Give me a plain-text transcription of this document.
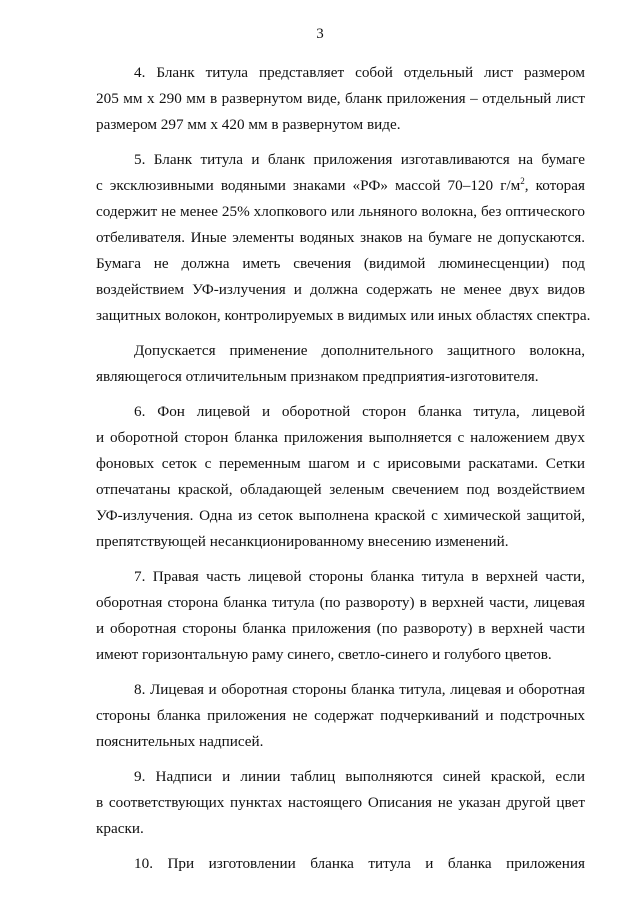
3
4. Бланк титула представляет собой отдельный лист размером
205 мм х 290 мм в развернутом виде, бланк приложения – отдельный лист
размером 297 мм х 420 мм в развернутом виде.
5. Бланк титула и бланк приложения изготавливаются на бумаге
с эксклюзивными водяными знаками «РФ» массой 70–120 $г/м^2$, которая
содержит не менее 25% хлопкового или льняного волокна, без оптического
отбеливателя. Иные элементы водяных знаков на бумаге не допускаются.
Бумага не должна иметь свечения (видимой люминесценции) под
воздействием УФ-излучения и должна содержать не менее двух видов
защитных волокон, контролируемых в видимых или иных областях спектра.
Допускается применение дополнительного защитного волокна,
являющегося отличительным признаком предприятия-изготовителя.
6. Фон лицевой и оборотной сторон бланка титула, лицевой
и оборотной сторон бланка приложения выполняется с наложением двух
фоновых сеток с переменным шагом и с ирисовыми раскатами. Сетки
отпечатаны краской, обладающей зеленым свечением под воздействием
УФ-излучения. Одна из сеток выполнена краской с химической защитой,
препятствующей несанкционированному внесению изменений.
7. Правая часть лицевой стороны бланка титула в верхней части,
оборотная сторона бланка титула (по развороту) в верхней части, лицевая
и оборотная стороны бланка приложения (по развороту) в верхней части
имеют горизонтальную раму синего, светло-синего и голубого цветов.
8. Лицевая и оборотная стороны бланка титула, лицевая и оборотная
стороны бланка приложения не содержат подчеркиваний и подстрочных
пояснительных надписей.
9. Надписи и линии таблиц выполняются синей краской, если
в соответствующих пунктах настоящего Описания не указан другой цвет
краски.
10. При изготовлении бланка титула и бланка приложения
